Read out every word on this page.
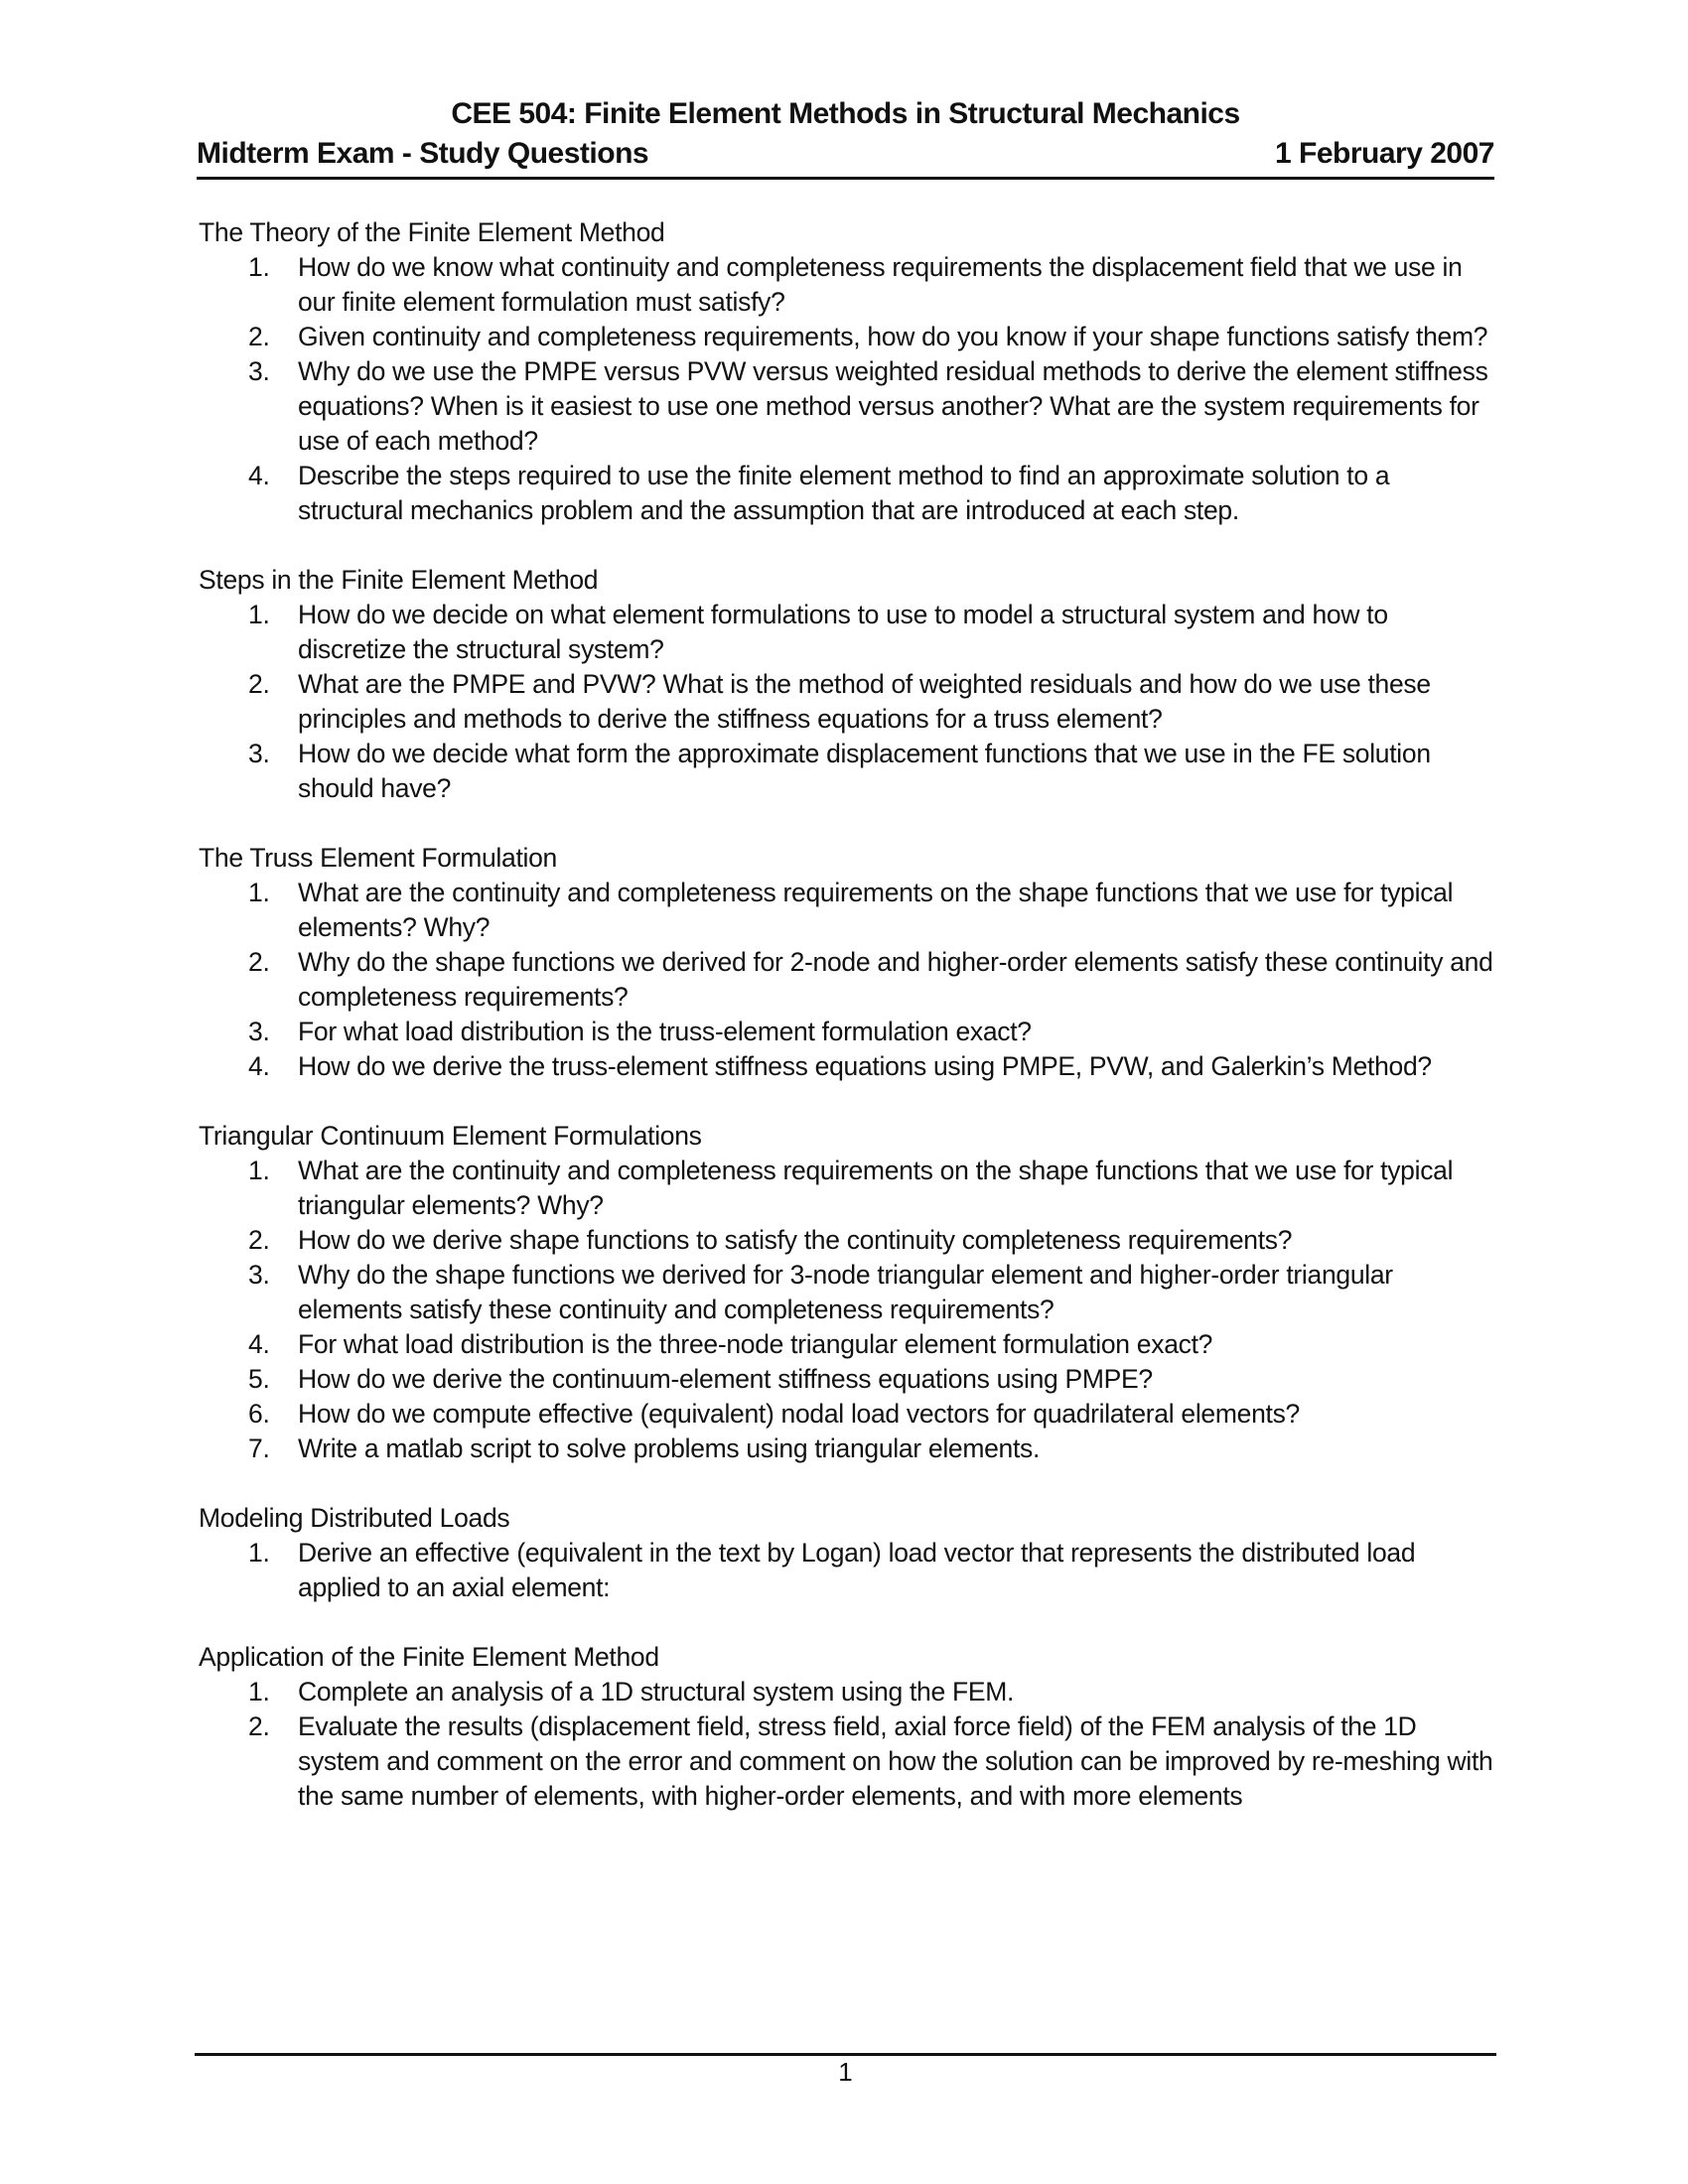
CEE 504: Finite Element Methods in Structural Mechanics
Midterm Exam - Study Questions	1 February 2007

The Theory of the Finite Element Method

1. How do we know what continuity and completeness requirements the displacement field that we use in our finite element formulation must satisfy?
2. Given continuity and completeness requirements, how do you know if your shape functions satisfy them?
3. Why do we use the PMPE versus PVW versus weighted residual methods to derive the element stiffness equations? When is it easiest to use one method versus another? What are the system requirements for use of each method?
4. Describe the steps required to use the finite element method to find an approximate solution to a structural mechanics problem and the assumption that are introduced at each step.

Steps in the Finite Element Method

1. How do we decide on what element formulations to use to model a structural system and how to discretize the structural system?
2. What are the PMPE and PVW? What is the method of weighted residuals and how do we use these principles and methods to derive the stiffness equations for a truss element?
3. How do we decide what form the approximate displacement functions that we use in the FE solution should have?

The Truss Element Formulation

1. What are the continuity and completeness requirements on the shape functions that we use for typical elements? Why?
2. Why do the shape functions we derived for 2-node and higher-order elements satisfy these continuity and completeness requirements?
3. For what load distribution is the truss-element formulation exact?
4. How do we derive the truss-element stiffness equations using PMPE, PVW, and Galerkin’s Method?

Triangular Continuum Element Formulations

1. What are the continuity and completeness requirements on the shape functions that we use for typical triangular elements? Why?
2. How do we derive shape functions to satisfy the continuity completeness requirements?
3. Why do the shape functions we derived for 3-node triangular element and higher-order triangular elements satisfy these continuity and completeness requirements?
4. For what load distribution is the three-node triangular element formulation exact?
5. How do we derive the continuum-element stiffness equations using PMPE?
6. How do we compute effective (equivalent) nodal load vectors for quadrilateral elements?
7. Write a matlab script to solve problems using triangular elements.

Modeling Distributed Loads

1. Derive an effective (equivalent in the text by Logan) load vector that represents the distributed load applied to an axial element:

Application of the Finite Element Method

1. Complete an analysis of a 1D structural system using the FEM.
2. Evaluate the results (displacement field, stress field, axial force field) of the FEM analysis of the 1D system and comment on the error and comment on how the solution can be improved by re-meshing with the same number of elements, with higher-order elements, and with more elements
1
